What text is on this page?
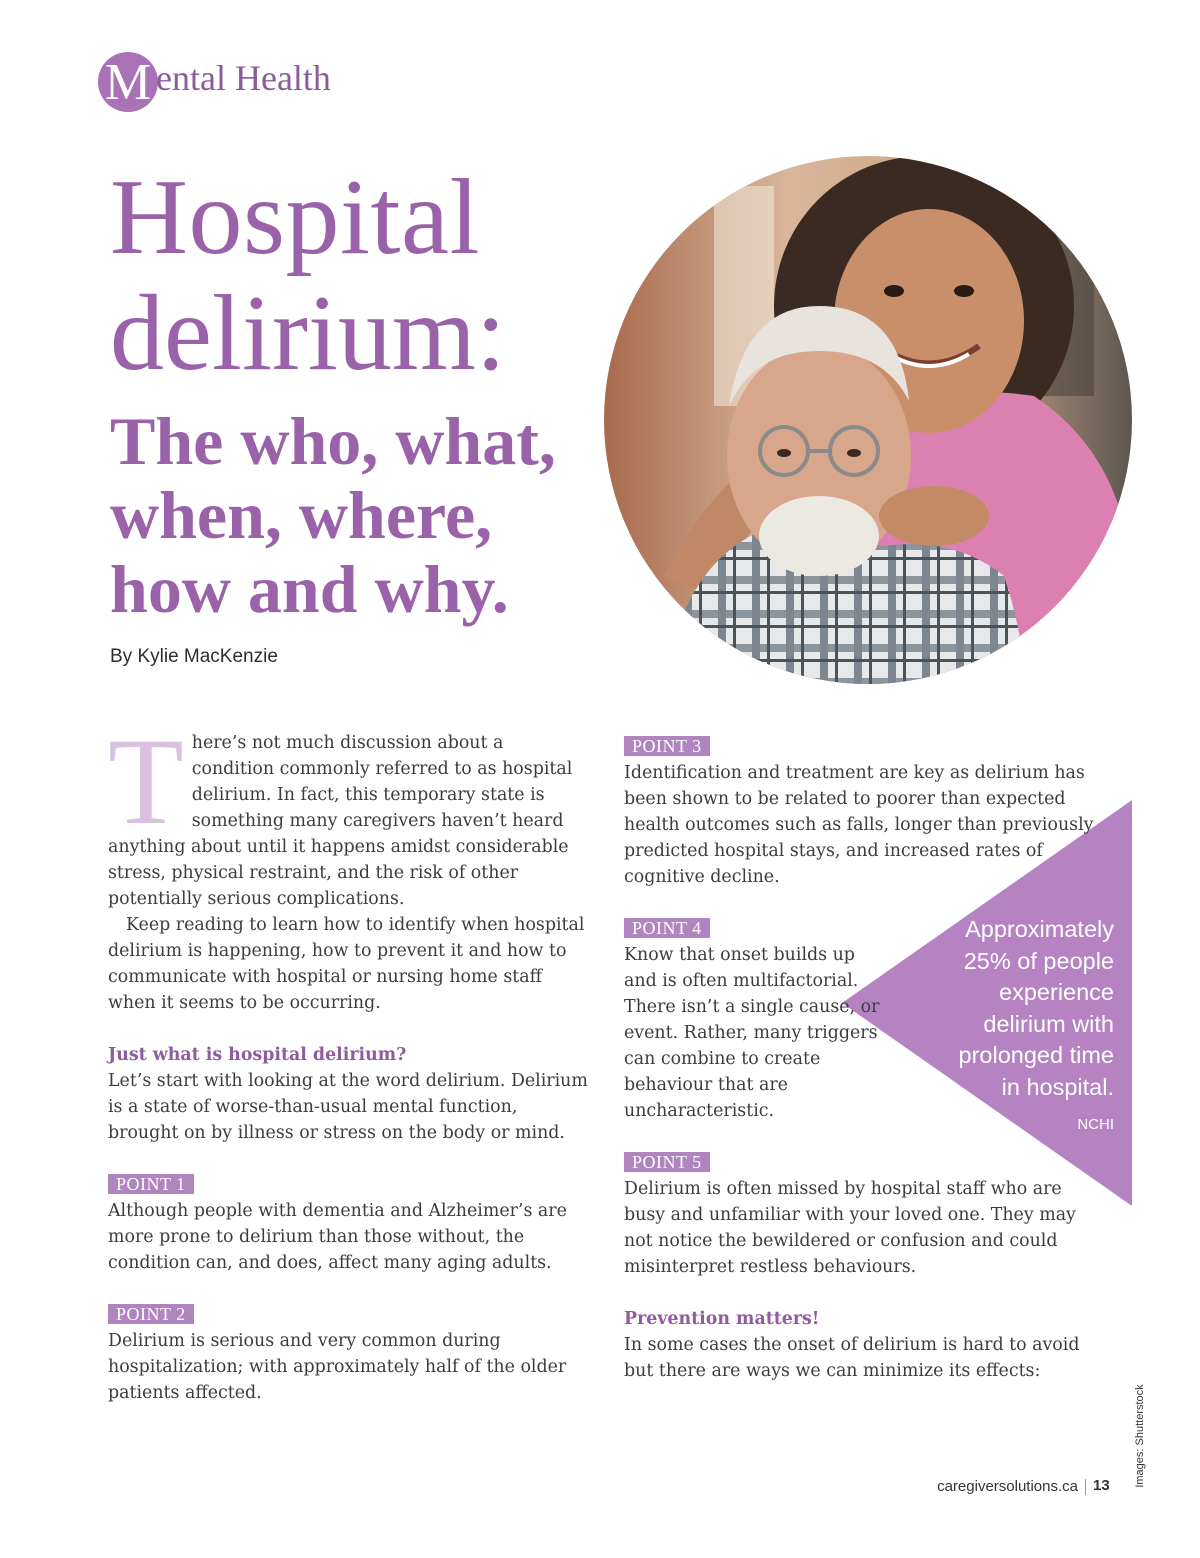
M ental Health
Hospital
delirium:
The who, what,
when, where,
how and why.
By Kylie MacKenzie

T here’s not much discussion about a condition commonly referred to as hospital delirium. In fact, this temporary state is something many caregivers haven’t heard anything about until it happens amidst considerable stress, physical restraint, and the risk of other potentially serious complications.

Keep reading to learn how to identify when hospital delirium is happening, how to prevent it and how to communicate with hospital or nursing home staff when it seems to be occurring.

Just what is hospital delirium?

Let’s start with looking at the word delirium. Delirium is a state of worse-than-usual mental function, brought on by illness or stress on the body or mind.

POINT 1

Although people with dementia and Alzheimer’s are more prone to delirium than those without, the condition can, and does, affect many aging adults.

POINT 2

Delirium is serious and very common during hospitalization; with approximately half of the older patients affected.

Approximately
25% of people
experience
delirium with
prolonged time
in hospital.
NCHI
POINT 3

Identification and treatment are key as delirium has been shown to be related to poorer than expected health outcomes such as falls, longer than previously predicted hospital stays, and increased rates of cognitive decline.

POINT 4

Know that onset builds up and is often multifactorial. There isn’t a single cause, or event. Rather, many triggers can combine to create behaviour that are uncharacteristic.

POINT 5

Delirium is often missed by hospital staff who are busy and unfamiliar with your loved one. They may not notice the bewildered or confusion and could misinterpret restless behaviours.

Prevention matters!

In some cases the onset of delirium is hard to avoid but there are ways we can minimize its effects:

caregiversolutions.ca 13 Images: Shutterstock
